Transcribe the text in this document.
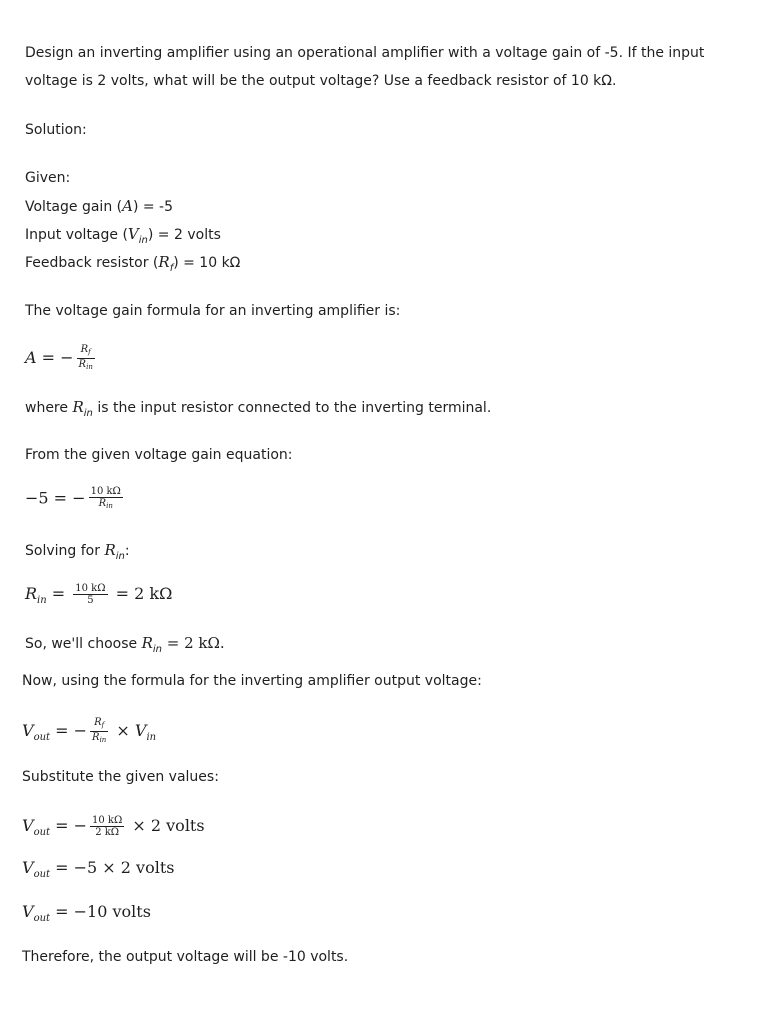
Design an inverting amplifier using an operational amplifier with a voltage gain of -5. If the input
voltage is 2 volts, what will be the output voltage? Use a feedback resistor of 10 kΩ.
Solution:
Given:
Voltage gain (A) = -5
Input voltage $(V_{in}) = 2$ volts
Feedback resistor $(R_f) = 10$ kΩ
The voltage gain formula for an inverting amplifier is:
A = − $\frac{R_f}{R_{in}}$
where $R_{in}$ is the input resistor connected to the inverting terminal.
From the given voltage gain equation:
−5 = − $\frac{10 k\Omega}{R_{in}}$
Solving for $R_{in}$:
$R_{in} = \frac{10 k\Omega}{5} = 2$ kΩ
So, we'll choose $R_{in} = 2$ kΩ.
Now, using the formula for the inverting amplifier output voltage:
$V_{out}$ = − $\frac{R_f}{R_{in}} \times V_{in}$
Substitute the given values:
$V_{out}$ = − $\frac{10 k\Omega}{2 k\Omega} \times 2$ volts
$V_{out} = -5 \times 2$ volts
$V_{out} = -10$ volts
Therefore, the output voltage will be -10 volts.
